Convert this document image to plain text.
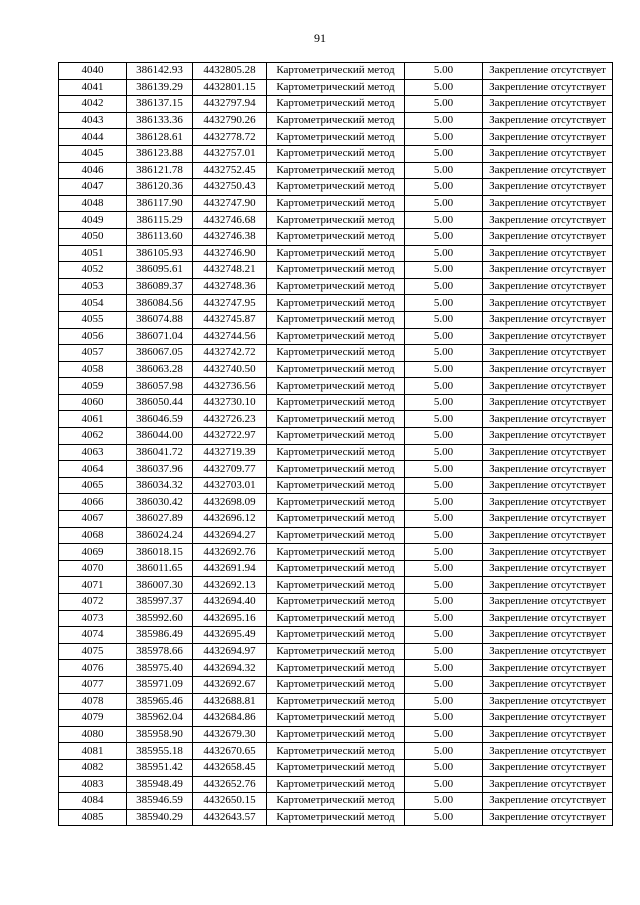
91
4040	386142.93	4432805.28	Картометрический метод	5.00	Закрепление отсутствует
4041	386139.29	4432801.15	Картометрический метод	5.00	Закрепление отсутствует
4042	386137.15	4432797.94	Картометрический метод	5.00	Закрепление отсутствует
4043	386133.36	4432790.26	Картометрический метод	5.00	Закрепление отсутствует
4044	386128.61	4432778.72	Картометрический метод	5.00	Закрепление отсутствует
4045	386123.88	4432757.01	Картометрический метод	5.00	Закрепление отсутствует
4046	386121.78	4432752.45	Картометрический метод	5.00	Закрепление отсутствует
4047	386120.36	4432750.43	Картометрический метод	5.00	Закрепление отсутствует
4048	386117.90	4432747.90	Картометрический метод	5.00	Закрепление отсутствует
4049	386115.29	4432746.68	Картометрический метод	5.00	Закрепление отсутствует
4050	386113.60	4432746.38	Картометрический метод	5.00	Закрепление отсутствует
4051	386105.93	4432746.90	Картометрический метод	5.00	Закрепление отсутствует
4052	386095.61	4432748.21	Картометрический метод	5.00	Закрепление отсутствует
4053	386089.37	4432748.36	Картометрический метод	5.00	Закрепление отсутствует
4054	386084.56	4432747.95	Картометрический метод	5.00	Закрепление отсутствует
4055	386074.88	4432745.87	Картометрический метод	5.00	Закрепление отсутствует
4056	386071.04	4432744.56	Картометрический метод	5.00	Закрепление отсутствует
4057	386067.05	4432742.72	Картометрический метод	5.00	Закрепление отсутствует
4058	386063.28	4432740.50	Картометрический метод	5.00	Закрепление отсутствует
4059	386057.98	4432736.56	Картометрический метод	5.00	Закрепление отсутствует
4060	386050.44	4432730.10	Картометрический метод	5.00	Закрепление отсутствует
4061	386046.59	4432726.23	Картометрический метод	5.00	Закрепление отсутствует
4062	386044.00	4432722.97	Картометрический метод	5.00	Закрепление отсутствует
4063	386041.72	4432719.39	Картометрический метод	5.00	Закрепление отсутствует
4064	386037.96	4432709.77	Картометрический метод	5.00	Закрепление отсутствует
4065	386034.32	4432703.01	Картометрический метод	5.00	Закрепление отсутствует
4066	386030.42	4432698.09	Картометрический метод	5.00	Закрепление отсутствует
4067	386027.89	4432696.12	Картометрический метод	5.00	Закрепление отсутствует
4068	386024.24	4432694.27	Картометрический метод	5.00	Закрепление отсутствует
4069	386018.15	4432692.76	Картометрический метод	5.00	Закрепление отсутствует
4070	386011.65	4432691.94	Картометрический метод	5.00	Закрепление отсутствует
4071	386007.30	4432692.13	Картометрический метод	5.00	Закрепление отсутствует
4072	385997.37	4432694.40	Картометрический метод	5.00	Закрепление отсутствует
4073	385992.60	4432695.16	Картометрический метод	5.00	Закрепление отсутствует
4074	385986.49	4432695.49	Картометрический метод	5.00	Закрепление отсутствует
4075	385978.66	4432694.97	Картометрический метод	5.00	Закрепление отсутствует
4076	385975.40	4432694.32	Картометрический метод	5.00	Закрепление отсутствует
4077	385971.09	4432692.67	Картометрический метод	5.00	Закрепление отсутствует
4078	385965.46	4432688.81	Картометрический метод	5.00	Закрепление отсутствует
4079	385962.04	4432684.86	Картометрический метод	5.00	Закрепление отсутствует
4080	385958.90	4432679.30	Картометрический метод	5.00	Закрепление отсутствует
4081	385955.18	4432670.65	Картометрический метод	5.00	Закрепление отсутствует
4082	385951.42	4432658.45	Картометрический метод	5.00	Закрепление отсутствует
4083	385948.49	4432652.76	Картометрический метод	5.00	Закрепление отсутствует
4084	385946.59	4432650.15	Картометрический метод	5.00	Закрепление отсутствует
4085	385940.29	4432643.57	Картометрический метод	5.00	Закрепление отсутствует
